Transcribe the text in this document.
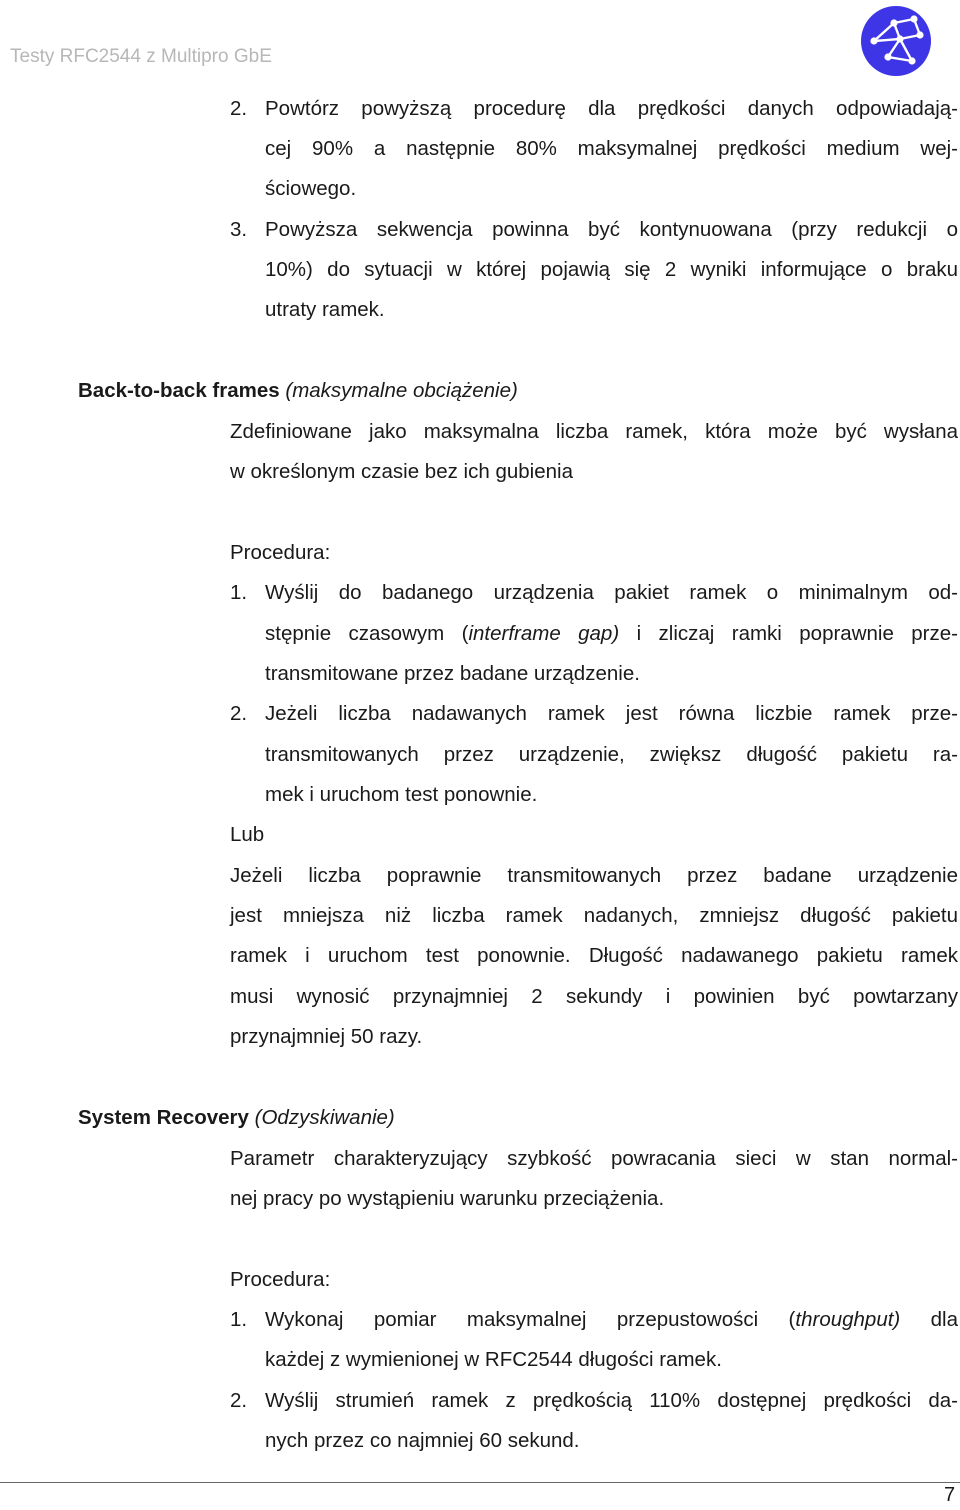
Testy RFC2544 z Multipro GbE
2. Powtórz powyższą procedurę dla prędkości danych odpowiadają-
cej 90% a następnie 80% maksymalnej prędkości medium wej-
ściowego.
3. Powyższa sekwencja powinna być kontynuowana (przy redukcji o
10%) do sytuacji w której pojawią się 2 wyniki informujące o braku
utraty ramek.
Back-to-back frames (maksymalne obciążenie)
Zdefiniowane jako maksymalna liczba ramek, która może być wysłana
w określonym czasie bez ich gubienia
Procedura:
1. Wyślij do badanego urządzenia pakiet ramek o minimalnym od-
stępnie czasowym (interframe gap) i zliczaj ramki poprawnie prze-
transmitowane przez badane urządzenie.
2. Jeżeli liczba nadawanych ramek jest równa liczbie ramek prze-
transmitowanych przez urządzenie, zwiększ długość pakietu ra-
mek i uruchom test ponownie.
Lub
Jeżeli liczba poprawnie transmitowanych przez badane urządzenie
jest mniejsza niż liczba ramek nadanych, zmniejsz długość pakietu
ramek i uruchom test ponownie. Długość nadawanego pakietu ramek
musi wynosić przynajmniej 2 sekundy i powinien być powtarzany
przynajmniej 50 razy.
System Recovery (Odzyskiwanie)
Parametr charakteryzujący szybkość powracania sieci w stan normal-
nej pracy po wystąpieniu warunku przeciążenia.
Procedura:
1. Wykonaj pomiar maksymalnej przepustowości (throughput) dla
każdej z wymienionej w RFC2544 długości ramek.
2. Wyślij strumień ramek z prędkością 110% dostępnej prędkości da-
nych przez co najmniej 60 sekund.
7
